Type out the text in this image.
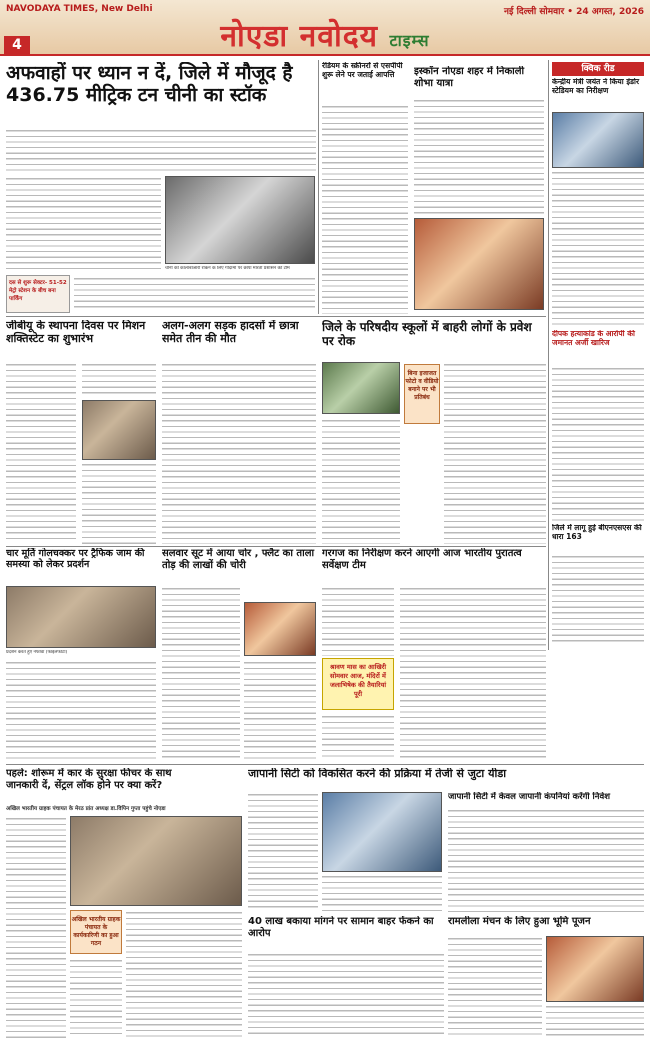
NAVODAYA TIMES, New Delhi	नई दिल्ली सोमवार • 24 अगस्त, 2026
नोएडा नवोदय टाइम्स
4
अफवाहों पर ध्यान न दें, जिले में मौजूद है
436.75 मीट्रिक टन चीनी का स्टॉक
चीनी की कालाबाजारी रोकने के लिए गोदामों पर छापा मारती प्रशासन की टीम
दस से शुरू सेक्टर- 51-52 मेट्रो स्टेशन के बीच बना पार्किंग
रेडियम के स्क्रीनरों से एसपीपी शुरू लेने पर जताई आपत्ति	इस्कॉन नोएडा शहर में निकाली शोभा यात्रा
क्विक रीड
केन्द्रीय मंत्री जयंत ने किया इंडोर स्टेडियम का निरीक्षण
दीपक हत्याकांड के आरोपी की जमानत अर्जी खारिज
जिले में लागू हुई बीएनएसएस की धारा 163
जीबीयू के स्थापना दिवस पर मिशन शक्तिस्टेट का शुभारंभ
अलग-अलग सड़क हादसों में छात्रा समेत तीन की मौत
जिले के परिषदीय स्कूलों में बाहरी लोगों के प्रवेश पर रोक
बिना इजाजत फोटो व वीडियो बनाने पर भी प्रतिबंध
चार मूर्ति गोलचक्कर पर ट्रैफिक जाम की समस्या को लेकर प्रदर्शन
प्रदर्शन करते हुए नेफोवा (फाइलफोटो)
सलवार सूट में आया चोर , फ्लैट का ताला तोड़ की लाखों की चोरी
गरगज का निरीक्षण करने आएगी आज भारतीय पुरातत्व सर्वेक्षण टीम
श्रावण मास का आखिरी सोमवार आज, मंदिरों में जलाभिषेक की तैयारियां पूरी
पहले: शोरूम में कार के सुरक्षा फीचर के साथ
जानकारी दें, सेंट्रल लॉक होने पर क्या करें?
अखिल भारतीय ग्राहक पंचायत के मेरठ प्रांत अध्यक्ष डा.विपिन गुप्ता पहुंचे नोएडा
अखिल भारतीय ग्राहक पंचायत के कार्यकारिणी का हुआ गठन
जापानी सिटी को विकसित करने की प्रक्रिया में तेजी से जुटा यीडा
जापानी सिटी में केवल जापानी कंपनियां करेंगी निवेश
40 लाख बकाया मांगने पर सामान बाहर फेंकने का आरोप
रामलीला मंचन के लिए हुआ भूमि पूजन
